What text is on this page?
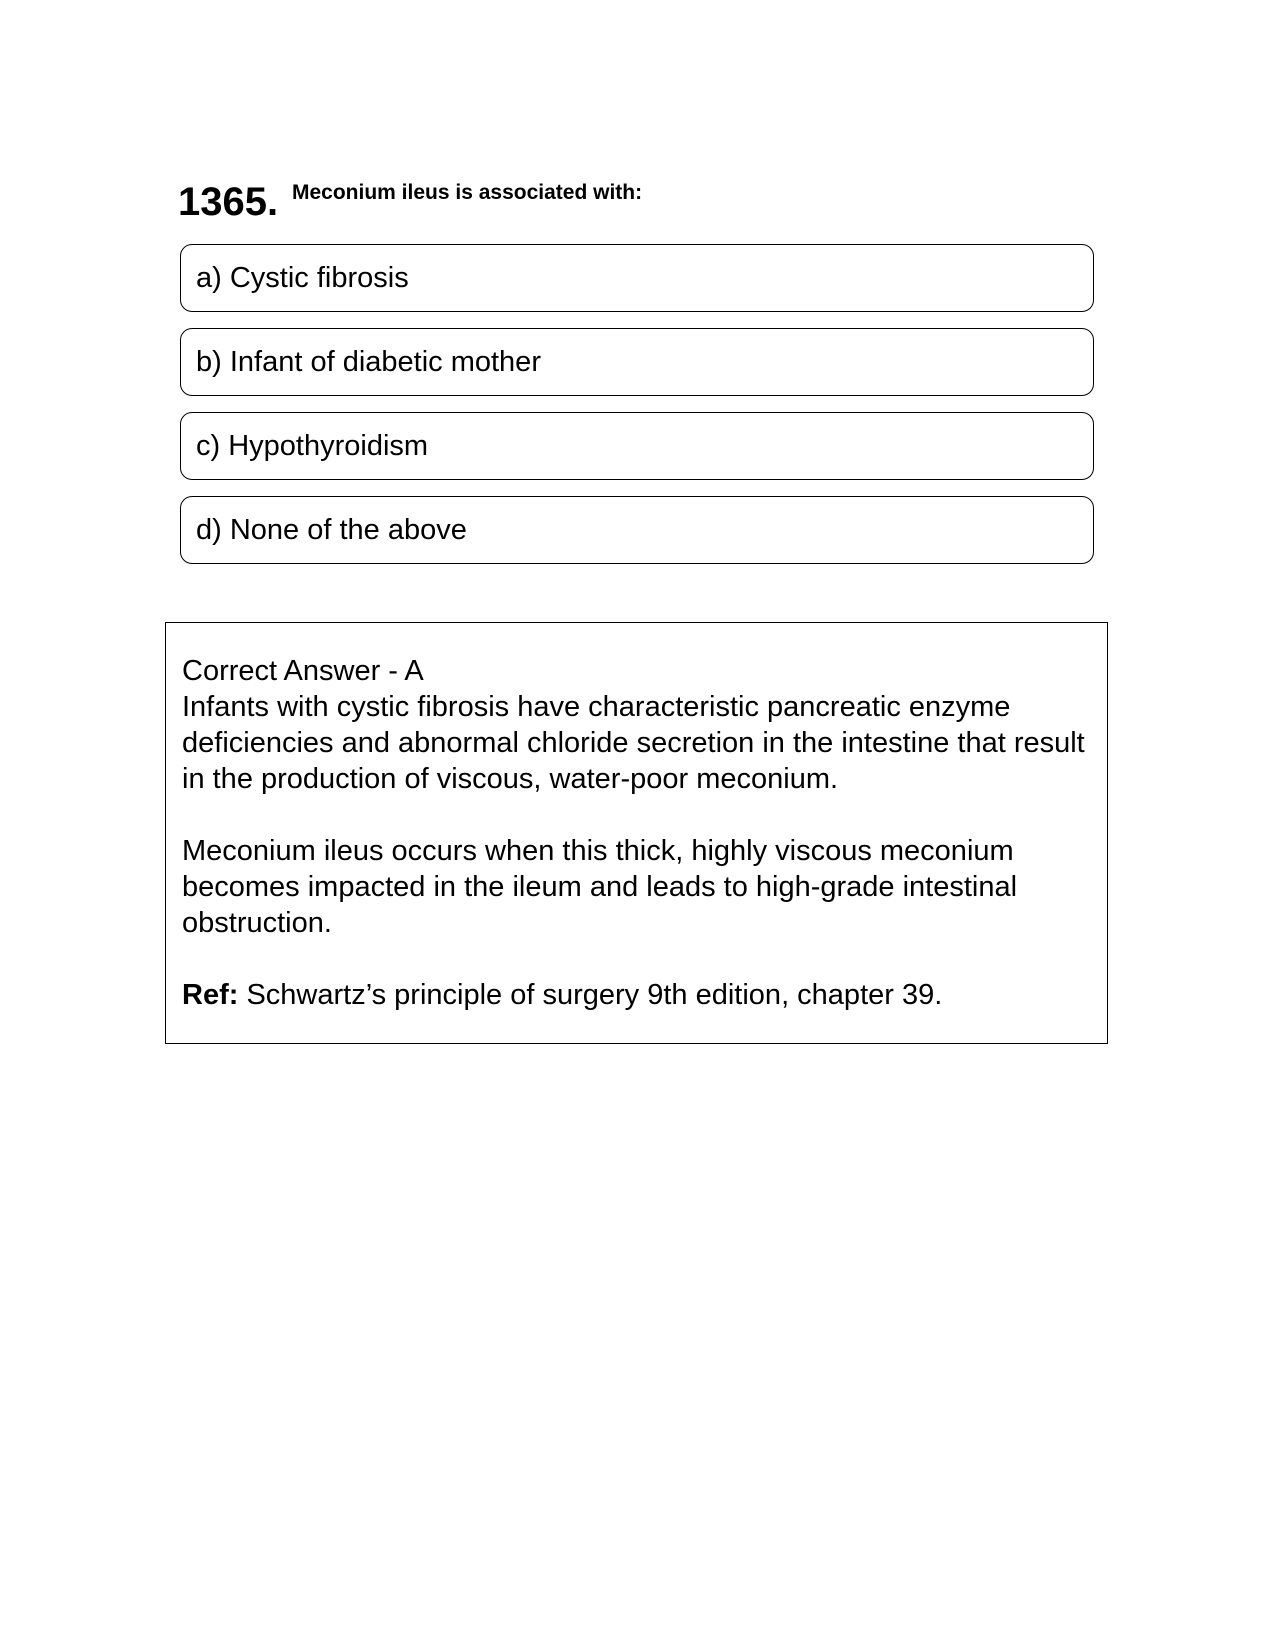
1365. Meconium ileus is associated with:
a) Cystic fibrosis
b) Infant of diabetic mother
c) Hypothyroidism
d) None of the above

Correct Answer - A

Infants with cystic fibrosis have characteristic pancreatic enzyme deficiencies and abnormal chloride secretion in the intestine that result in the production of viscous, water-poor meconium.

Meconium ileus occurs when this thick, highly viscous meconium becomes impacted in the ileum and leads to high-grade intestinal obstruction.

Ref: Schwartz’s principle of surgery 9th edition, chapter 39.
